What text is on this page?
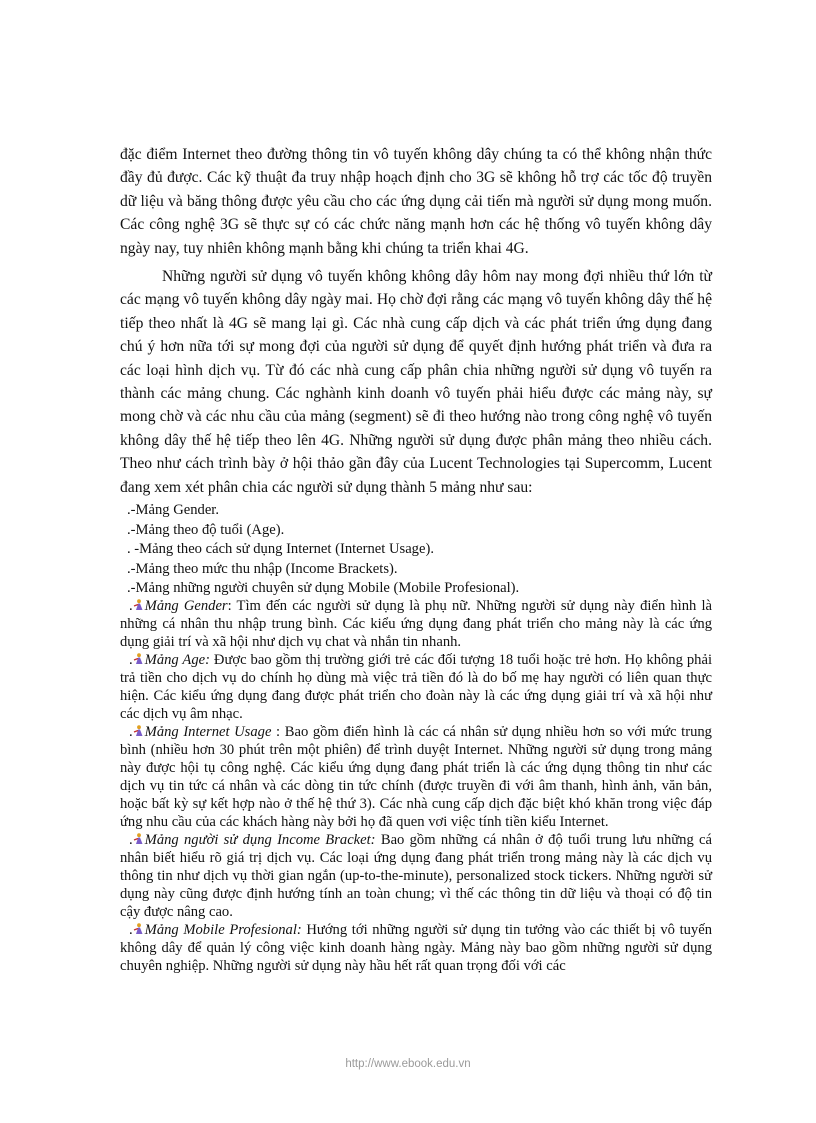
đặc điểm Internet theo đường thông tin vô tuyến không dây chúng ta có thể không nhận thức đầy đủ được. Các kỹ thuật đa truy nhập hoạch định cho 3G sẽ không hỗ trợ các tốc độ truyền dữ liệu và băng thông được yêu cầu cho các ứng dụng cải tiến mà người sử dụng mong muốn. Các công nghệ 3G sẽ thực sự có các chức năng mạnh hơn các hệ thống vô tuyến không dây ngày nay, tuy nhiên không mạnh bằng khi chúng ta triển khai 4G.

Những người sử dụng vô tuyến không không dây hôm nay mong đợi nhiều thứ lớn từ các mạng vô tuyến không dây ngày mai. Họ chờ đợi rằng các mạng vô tuyến không dây thế hệ tiếp theo nhất là 4G sẽ mang lại gì. Các nhà cung cấp dịch và các phát triển ứng dụng đang chú ý hơn nữa tới sự mong đợi của người sử dụng để quyết định hướng phát triển và đưa ra các loại hình dịch vụ. Từ đó các nhà cung cấp phân chia những người sử dụng vô tuyến ra thành các mảng chung. Các nghành kinh doanh vô tuyến phải hiểu được các mảng này, sự mong chờ và các nhu cầu của mảng (segment) sẽ đi theo hướng nào trong công nghệ vô tuyến không dây thế hệ tiếp theo lên 4G. Những người sử dụng được phân mảng theo nhiều cách. Theo như cách trình bày ở hội thảo gần đây của Lucent Technologies tại Supercomm, Lucent đang xem xét phân chia các người sử dụng thành 5 mảng như sau:

.-Mảng Gender.
.-Mảng theo độ tuổi (Age).
. -Mảng theo cách sử dụng Internet (Internet Usage).
.-Mảng theo mức thu nhập (Income Brackets).
.-Mảng những người chuyên sử dụng Mobile (Mobile Profesional).

. Mảng Gender: Tìm đến các người sử dụng là phụ nữ. Những người sử dụng này điển hình là những cá nhân thu nhập trung bình. Các kiểu ứng dụng đang phát triển cho mảng này là các ứng dụng giải trí và xã hội như dịch vụ chat và nhắn tin nhanh.

. Mảng Age: Được bao gồm thị trường giới trẻ các đối tượng 18 tuổi hoặc trẻ hơn. Họ không phải trả tiền cho dịch vụ do chính họ dùng mà việc trả tiền đó là do bố mẹ hay người có liên quan thực hiện. Các kiểu ứng dụng đang được phát triển cho đoàn này là các ứng dụng giải trí và xã hội như các dịch vụ âm nhạc.

. Mảng Internet Usage : Bao gồm điển hình là các cá nhân sử dụng nhiều hơn so với mức trung bình (nhiều hơn 30 phút trên một phiên) để trình duyệt Internet. Những người sử dụng trong mảng này được hội tụ công nghệ. Các kiểu ứng dụng đang phát triển là các ứng dụng thông tin như các dịch vụ tin tức cá nhân và các dòng tin tức chính (được truyền đi với âm thanh, hình ảnh, văn bản, hoặc bất kỳ sự kết hợp nào ở thế hệ thứ 3). Các nhà cung cấp dịch đặc biệt khó khăn trong việc đáp ứng nhu cầu của các khách hàng này bởi họ đã quen vơi việc tính tiền kiểu Internet.

. Mảng người sử dụng Income Bracket: Bao gồm những cá nhân ở độ tuổi trung lưu những cá nhân biết hiểu rõ giá trị dịch vụ. Các loại ứng dụng đang phát triển trong mảng này là các dịch vụ thông tin như dịch vụ thời gian ngắn (up-to-the-minute), personalized stock tickers. Những người sử dụng này cũng được định hướng tính an toàn chung; vì thế các thông tin dữ liệu và thoại có độ tin cậy được nâng cao.

. Mảng Mobile Profesional: Hướng tới những người sử dụng tin tưởng vào các thiết bị vô tuyến không dây để quản lý công việc kinh doanh hàng ngày. Mảng này bao gồm những người sử dụng chuyên nghiệp. Những người sử dụng này hầu hết rất quan trọng đối với các

http://www.ebook.edu.vn
